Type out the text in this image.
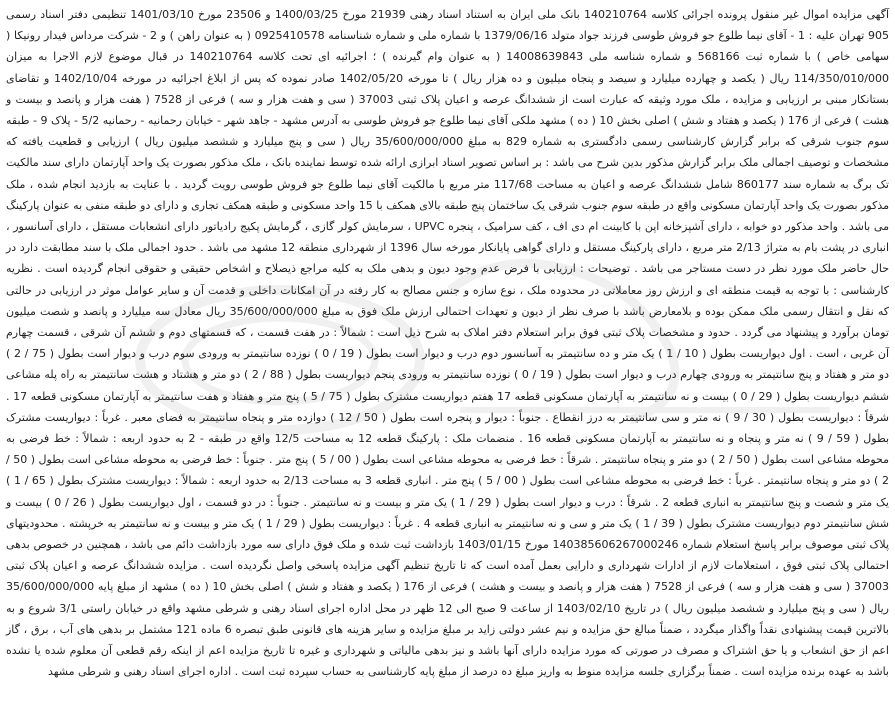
آگهی مزایده اموال غیر منقول پرونده اجرائی کلاسه 140210764 بانک ملی ایران به استناد اسناد رهنی 21939 مورخ 1400/03/25 و 23506 مورخ 1401/03/10 تنظیمی دفتر اسناد رسمی 905 تهران علیه : 1 - آقای نیما طلوع جو فروش طوسی فرزند جواد متولد 1379/06/16 با شماره ملی و شماره شناسنامه 0925410578 ( به عنوان راهن ) و 2 - شرکت مرداس فیدار رونیکا ( سهامی خاص ) با شماره ثبت 568166 و شماره شناسه ملی 14008639843 ( به عنوان وام گیرنده ) ؛ اجرائیه ای تحت کلاسه 140210764 در قبال موضوع لازم الاجرا به میزان 114/350/010/000 ریال ( یکصد و چهارده میلیارد و سیصد و پنجاه میلیون و ده هزار ریال ) تا مورخه 1402/05/20 صادر نموده که پس از ابلاغ اجرائیه در مورخه 1402/10/04 و تقاضای بستانکار مبنی بر ارزیابی و مزایده ، ملک مورد وثیقه که عبارت است از ششدانگ عرصه و اعیان پلاک ثبتی 37003 ( سی و هفت هزار و سه ) فرعی از 7528 ( هفت هزار و پانصد و بیست و هشت ) فرعی از 176 ( یکصد و هفتاد و شش ) اصلی بخش 10 ( ده ) مشهد ملکی آقای نیما طلوع جو فروش طوسی به آدرس مشهد - جاهد شهر - خیابان رحمانیه - رحمانیه 5/2 - پلاک 9 - طبقه سوم جنوب شرقی که برابر گزارش کارشناسی رسمی دادگستری به شماره 829 به مبلغ 35/600/000/000 ریال ( سی و پنج میلیارد و ششصد میلیون ریال ) ارزیابی و قطعیت یافته که مشخصات و توصیف اجمالی ملک برابر گزارش مذکور بدین شرح می باشد : بر اساس تصویر اسناد ابرازی ارائه شده توسط نماینده بانک ، ملک مذکور بصورت یک واحد آپارتمان دارای سند مالکیت تک برگ به شماره سند 860177 شامل ششدانگ عرصه و اعیان به مساحت 117/68 متر مربع با مالکیت آقای نیما طلوع جو فروش طوسی رویت گردید . با عنایت به بازدید انجام شده ، ملک مذکور بصورت یک واحد آپارتمان مسکونی واقع در طبقه سوم جنوب شرقی یک ساختمان پنج طبقه بالای همکف با 15 واحد مسکونی و طبقه همکف تجاری و دارای دو طبقه منفی به عنوان پارکینگ می باشد . واحد مذکور دو خوابه ، دارای آشپزخانه اپن با کابینت ام دی اف ، کف سرامیک ، پنجره UPVC ، سرمایش کولر گازی ، گرمایش پکیج رادیاتور دارای انشعابات مستقل ، دارای آسانسور ، انباری در پشت بام به متراژ 2/13 متر مربع ، دارای پارکینگ مستقل و دارای گواهی پایانکار مورخه سال 1396 از شهرداری منطقه 12 مشهد می باشد . حدود اجمالی ملک با سند مطابقت دارد در حال حاضر ملک مورد نظر در دست مستاجر می باشد . توضیحات : ارزیابی با فرض عدم وجود دیون و بدهی ملک به کلیه مراجع ذیصلاح و اشخاص حقیقی و حقوقی انجام گردیده است . نظریه کارشناسی : با توجه به قیمت منطقه ای و ارزش روز معاملاتی در محدوده ملک ، نوع سازه و جنس مصالح به کار رفته در آن امکانات داخلی و قدمت آن و سایر عوامل موثر در ارزیابی در حالتی که نقل و انتقال رسمی ملک ممکن بوده و بلامعارض باشد با صرف نظر از دیون و تعهدات احتمالی ارزش ملک فوق به مبلغ 35/600/000/000 ریال معادل سه میلیارد و پانصد و شصت میلیون تومان برآورد و پیشنهاد می گردد . حدود و مشخصات پلاک ثبتی فوق برابر استعلام دفتر املاک به شرح ذیل است : شمالاً : در هفت قسمت ، که قسمتهای دوم و ششم آن شرقی ، قسمت چهارم آن غربی ، است . اول دیواریست بطول ( 10 / 1 ) یک متر و ده سانتیمتر به آسانسور دوم درب و دیوار است بطول ( 19 / 0 ) نوزده سانتیمتر به ورودی سوم درب و دیوار است بطول ( 75 / 2 ) دو متر و هفتاد و پنج سانتیمتر به ورودی چهارم درب و دیوار است بطول ( 19 / 0 ) نوزده سانتیمتر به ورودی پنجم دیواریست بطول ( 88 / 2 ) دو متر و هشتاد و هشت سانتیمتر به راه پله مشاعی ششم دیواریست بطول ( 29 / 0 ) بیست و نه سانتیمتر به آپارتمان مسکونی قطعه 17 هفتم دیواریست مشترک بطول ( 75 / 5 ) پنج متر و هفتاد و هفت سانتیمتر به آپارتمان مسکونی قطعه 17 . شرقاً : دیواریست بطول ( 30 / 9 ) نه متر و سی سانتیمتر به درز انقطاع . جنوباً : دیوار و پنجره است بطول ( 50 / 12 ) دوازده متر و پنجاه سانتیمتر به فضای معبر . غرباً : دیواریست مشترک بطول ( 59 / 9 ) نه متر و پنجاه و نه سانتیمتر به آپارتمان مسکونی قطعه 16 . منضمات ملک : پارکینگ قطعه 12 به مساحت 12/5 واقع در طبقه - 2 به حدود اربعه : شمالاً : خط فرضی به محوطه مشاعی است بطول ( 50 / 2 ) دو متر و پنجاه سانتیمتر . شرقاً : خط فرضی به محوطه مشاعی است بطول ( 00 / 5 ) پنج متر . جنوباً : خط فرضی به محوطه مشاعی است بطول ( 50 / 2 ) دو متر و پنجاه سانتیمتر . غرباً : خط فرضی به محوطه مشاعی است بطول ( 00 / 5 ) پنج متر . انباری قطعه 3 به مساحت 2/13 به حدود اربعه : شمالاً : دیواریست مشترک بطول ( 65 / 1 ) یک متر و شصت و پنج سانتیمتر به انباری قطعه 2 . شرقاً : درب و دیوار است بطول ( 29 / 1 ) یک متر و بیست و نه سانتیمتر . جنوباً : در دو قسمت ، اول دیواریست بطول ( 26 / 0 ) بیست و شش سانتیمتر دوم دیواریست مشترک بطول ( 39 / 1 ) یک متر و سی و نه سانتیمتر به انباری قطعه 4 . غرباً : دیواریست بطول ( 29 / 1 ) یک متر و بیست و نه سانتیمتر به خرپشته . محدودیتهای پلاک ثبتی موصوف برابر پاسخ استعلام شماره 140385606267000246 مورخ 1403/01/15 بازداشت ثبت شده و ملک فوق دارای سه مورد بازداشت دائم می باشد ، همچنین در خصوص بدهی احتمالی پلاک ثبتی فوق ، استعلامات لازم از ادارات شهرداری و دارایی بعمل آمده است که تا تاریخ تنظیم آگهی مزایده پاسخی واصل نگردیده است . مزایده ششدانگ عرصه و اعیان پلاک ثبتی 37003 ( سی و هفت هزار و سه ) فرعی از 7528 ( هفت هزار و پانصد و بیست و هشت ) فرعی از 176 ( یکصد و هفتاد و شش ) اصلی بخش 10 ( ده ) مشهد از مبلغ پایه 35/600/000/000 ریال ( سی و پنج میلیارد و ششصد میلیون ریال ) در تاریخ 1403/02/10 از ساعت 9 صبح الی 12 ظهر در محل اداره اجرای اسناد رهنی و شرطی مشهد واقع در خیابان راستی 3/1 شروع و به بالاترین قیمت پیشنهادی نقداً واگذار میگردد ، ضمناً مبالغ حق مزایده و نیم عشر دولتی زاید بر مبلغ مزایده و سایر هزینه های قانونی طبق تبصره 6 ماده 121 مشتمل بر بدهی های آب ، برق ، گاز اعم از حق انشعاب و یا حق اشتراک و مصرف در صورتی که مورد مزایده دارای آنها باشد و نیز بدهی مالیاتی و شهرداری و غیره تا تاریخ مزایده اعم از اینکه رقم قطعی آن معلوم شده یا نشده باشد به عهده برنده مزایده است . ضمناً برگزاری جلسه مزایده منوط به واریز مبلغ ده درصد از مبلغ پایه کارشناسی به حساب سپرده ثبت است . اداره اجرای اسناد رهنی و شرطی مشهد
